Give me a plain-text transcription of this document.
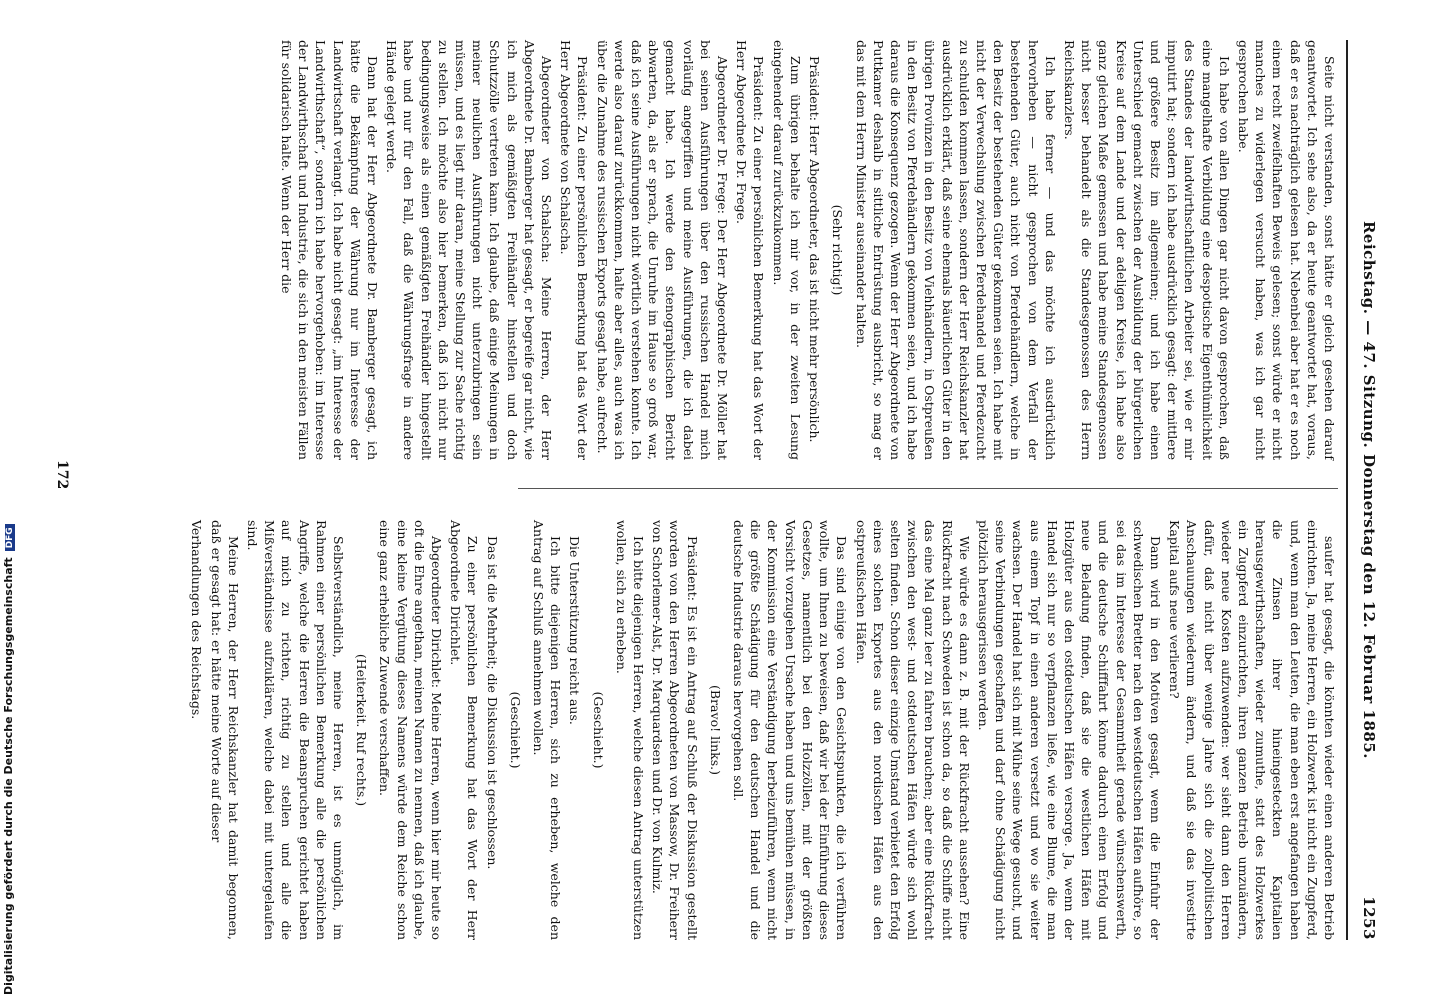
Digitalisierung gefördert durch die Deutsche ForschungsgemeinschaftDFG	Reichstag. — 47. Sitzung. Donnerstag den 12. Februar 1885.
1253

Seite nicht verstanden, sonst hätte er gleich gesehen darauf geantwortet. Ich sehe also, da er heute geantwortet hat, voraus, daß er es nachträglich gelesen hat. Nebenbei aber hat er es noch einem recht zweifelhaften Beweis gelesen; sonst würde er nicht manches zu widerlegen versucht haben, was ich gar nicht gesprochen habe.

Ich habe von allen Dingen gar nicht davon gesprochen, daß eine mangelhafte Verbildung eine despotische Eigenthümlichkeit des Standes der landwirthschaftlichen Arbeiter sei, wie er mir imputirt hat; sondern ich habe ausdrücklich gesagt: der mittlere und größere Besitz im allgemeinen; und ich habe einen Unterschied gemacht zwischen der Ausbildung der bürgerlichen Kreise auf dem Lande und der adeligen Kreise, ich habe also ganz gleichen Maße gemessen und habe meine Standesgenossen nicht besser behandelt als die Standesgenossen des Herrn Reichskanzlers.

Ich habe ferner — und das möchte ich ausdrücklich hervorheben — nicht gesprochen von dem Verfall der bestehenden Güter, auch nicht von Pferdehändlern, welche in den Besitz der bestehenden Güter gekommen seien. Ich habe mit nicht der Verwechslung zwischen Pferdehandel und Pferdezucht zu schulden kommen lassen, sondern der Herr Reichskanzler hat ausdrücklich erklärt, daß seine ehemals bäuerlichen Güter in den übrigen Provinzen in den Besitz von Viehhändlern, in Ostpreußen in den Besitz von Pferdehändlern gekommen seien, und ich habe daraus die Konsequenz gezogen. Wenn der Herr Abgeordnete von Puttkamer deshalb in sittliche Entrüstung ausbricht, so mag er das mit dem Herrn Minister auseinander halten.

(Sehr richtig!)

Präsident: Herr Abgeordneter, das ist nicht mehr persönlich.

Zum übrigen behalte ich mir vor, in der zweiten Lesung eingehender darauf zurückzukommen.

Präsident: Zu einer persönlichen Bemerkung hat das Wort der Herr Abgeordnete Dr. Frege.

Abgeordneter Dr. Frege: Der Herr Abgeordnete Dr. Möller hat bei seinen Ausführungen über den russischen Handel mich vorläufig angegriffen und meine Ausführungen, die ich dabei gemacht habe. Ich werde den stenographischen Bericht abwarten, da, als er sprach, die Unruhe im Hause so groß war, daß ich seine Ausführungen nicht wörtlich verstehen konnte. Ich werde also darauf zurückkommen, halte aber alles, auch was ich über die Zunahme des russischen Exports gesagt habe, aufrecht.

Präsident: Zu einer persönlichen Bemerkung hat das Wort der Herr Abgeordnete von Schalscha.

Abgeordneter von Schalscha: Meine Herren, der Herr Abgeordnete Dr. Bamberger hat gesagt, er begreife gar nicht, wie ich mich als gemäßigten Freihändler hinstellen und doch Schutzzölle vertreten kann. Ich glaube, daß einige Meinungen in meiner neulichen Ausführungen nicht unterzubringen sein müssen, und es liegt mir daran, meine Stellung zur Sache richtig zu stellen. Ich möchte also hier bemerken, daß ich nicht nur bedingungsweise als einen gemäßigten Freihändler hingestellt habe und nur für den Fall, daß die Währungsfrage in andere Hände gelegt werde.

Dann hat der Herr Abgeordnete Dr. Bamberger gesagt, ich hätte die Bekämpfung der Währung nur im Interesse der Landwirtschaft verlangt. Ich habe nicht gesagt: „im Interesse der Landwirthschaft“, sondern ich habe hervorgehoben: im Interesse der Landwirthschaft und Industrie, die sich in den meisten Fällen für solidarisch halte. Wenn der Herr die

saufer hat gesagt, die könnten wieder einen anderen Betrieb einrichten. Ja, meine Herren, ein Holzwerk ist nicht ein Zugpferd, und, wenn man den Leuten, die man eben erst angefangen haben die Zinsen ihrer hineingesteckten Kapitalien herausgewirthschaften, wieder zumuthe, statt des Holzwerkes ein Zugpferd einzurichten, ihren ganzen Betrieb umzuändern, wieder neue Kosten aufzuwenden: wer sieht dann den Herren dafür, daß nicht über wenige Jahre sich die zollpolitischen Anschauungen wiederum ändern, und daß sie das investirte Kapital aufs neue verlieren?

Dann wird in den Motiven gesagt, wenn die Einfuhr der schwedischen Bretter nach den westdeutschen Häfen aufhöre, so sei das im Interesse der Gesammtheit gerade wünschenswerth, und die deutsche Schifffahrt könne dadurch einen Erfolg und neue Beladung finden, daß sie die westlichen Häfen mit Holzgüter aus den ostdeutschen Häfen versorge. Ja, wenn der Handel sich nur so verpflanzen ließe, wie eine Blume, die man aus einem Topf in einen anderen versetzt und wo sie weiter wachsen. Der Handel hat sich mit Mühe seine Wege gesucht, und seine Verbindungen geschaffen und darf ohne Schädigung nicht plötzlich herausgerissen werden.

Wie würde es dann z. B. mit der Rückfracht aussehen? Eine Rückfracht nach Schweden ist schon da, so daß die Schiffe nicht das eine Mal ganz leer zu fahren brauchen; aber eine Rückfracht zwischen den west- und ostdeutschen Häfen würde sich wohl selten finden. Schon dieser einzige Umstand verbietet den Erfolg eines solchen Exportes aus den nordischen Häfen aus den ostpreußischen Häfen.

Das sind einige von den Gesichtspunkten, die ich verführen wollte, um Ihnen zu beweisen, daß wir bei der Einführung dieses Gesetzes, namentlich bei den Holzzöllen, mit der größten Vorsicht vorzugehen Ursache haben und uns bemühen müssen, in der Kommission eine Verständigung herbeizuführen, wenn nicht die größte Schädigung für den deutschen Handel und die deutsche Industrie daraus hervorgehen soll.

(Bravo! links.)

Präsident: Es ist ein Antrag auf Schluß der Diskussion gestellt worden von den Herren Abgeordneten von Massow, Dr. Freiherr von Schorlemer-Alst, Dr. Marquardsen und Dr. von Kulmiz.

Ich bitte diejenigen Herren, welche diesen Antrag unterstützen wollen, sich zu erheben.

(Geschieht.)

Die Unterstützung reicht aus.

Ich bitte diejenigen Herren, sich zu erheben, welche den Antrag auf Schluß annehmen wollen.

(Geschieht.)

Das ist die Mehrheit; die Diskussion ist geschlossen.

Zu einer persönlichen Bemerkung hat das Wort der Herr Abgeordnete Dirichlet.

Abgeordneter Dirichlet: Meine Herren, wenn hier mir heute so oft die Ehre angethan, meinen Namen zu nennen, daß ich glaube, eine kleine Vergütung dieses Namens würde dem Reiche schon eine ganz erhebliche Zuwende verschaffen.

(Heiterkeit. Ruf rechts.)

Selbstverständlich, meine Herren, ist es unmöglich, im Rahmen einer persönlichen Bemerkung alle die persönlichen Angriffe, welche die Herren die Beanspruchen gerichtet haben auf mich zu richten, richtig zu stellen und alle die Mißverständnisse aufzuklären, welche dabei mit untergelaufen sind.

Meine Herren, der Herr Reichskanzler hat damit begonnen, daß er gesagt hat: er hätte meine Worte auf dieser

Verhandlungen des Reichstags.

172
